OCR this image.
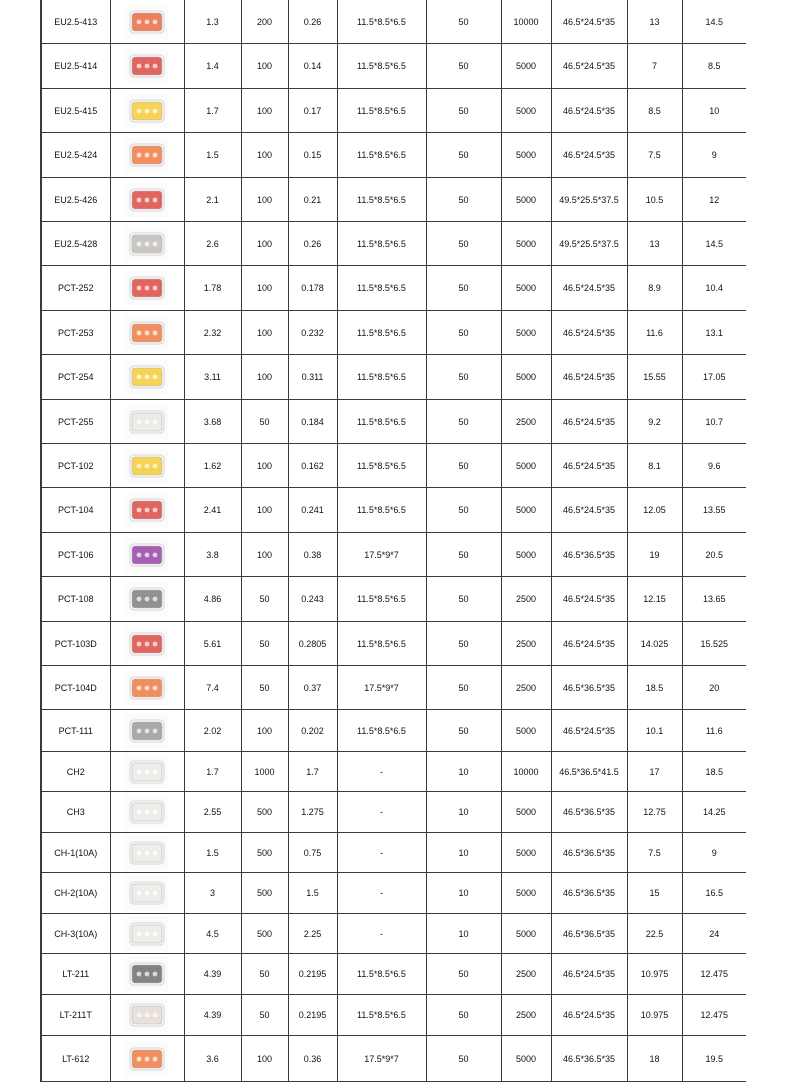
EU2.5-413		1.3	200	0.26	11.5*8.5*6.5	50	10000	46.5*24.5*35	13	14.5
EU2.5-414		1.4	100	0.14	11.5*8.5*6.5	50	5000	46.5*24.5*35	7	8.5
EU2.5-415		1.7	100	0.17	11.5*8.5*6.5	50	5000	46.5*24.5*35	8.5	10
EU2.5-424		1.5	100	0.15	11.5*8.5*6.5	50	5000	46.5*24.5*35	7.5	9
EU2.5-426		2.1	100	0.21	11.5*8.5*6.5	50	5000	49.5*25.5*37.5	10.5	12
EU2.5-428		2.6	100	0.26	11.5*8.5*6.5	50	5000	49.5*25.5*37.5	13	14.5
PCT-252		1.78	100	0.178	11.5*8.5*6.5	50	5000	46.5*24.5*35	8.9	10.4
PCT-253		2.32	100	0.232	11.5*8.5*6.5	50	5000	46.5*24.5*35	11.6	13.1
PCT-254		3.11	100	0.311	11.5*8.5*6.5	50	5000	46.5*24.5*35	15.55	17.05
PCT-255		3.68	50	0.184	11.5*8.5*6.5	50	2500	46.5*24.5*35	9.2	10.7
PCT-102		1.62	100	0.162	11.5*8.5*6.5	50	5000	46.5*24.5*35	8.1	9.6
PCT-104		2.41	100	0.241	11.5*8.5*6.5	50	5000	46.5*24.5*35	12.05	13.55
PCT-106		3.8	100	0.38	17.5*9*7	50	5000	46.5*36.5*35	19	20.5
PCT-108		4.86	50	0.243	11.5*8.5*6.5	50	2500	46.5*24.5*35	12.15	13.65
PCT-103D		5.61	50	0.2805	11.5*8.5*6.5	50	2500	46.5*24.5*35	14.025	15.525
PCT-104D		7.4	50	0.37	17.5*9*7	50	2500	46.5*36.5*35	18.5	20
PCT-111		2.02	100	0.202	11.5*8.5*6.5	50	5000	46.5*24.5*35	10.1	11.6
CH2		1.7	1000	1.7	-	10	10000	46.5*36.5*41.5	17	18.5
CH3		2.55	500	1.275	-	10	5000	46.5*36.5*35	12.75	14.25
CH-1(10A)		1.5	500	0.75	-	10	5000	46.5*36.5*35	7.5	9
CH-2(10A)		3	500	1.5	-	10	5000	46.5*36.5*35	15	16.5
CH-3(10A)		4.5	500	2.25	-	10	5000	46.5*36.5*35	22.5	24
LT-211		4.39	50	0.2195	11.5*8.5*6.5	50	2500	46.5*24.5*35	10.975	12.475
LT-211T		4.39	50	0.2195	11.5*8.5*6.5	50	2500	46.5*24.5*35	10.975	12.475
LT-612		3.6	100	0.36	17.5*9*7	50	5000	46.5*36.5*35	18	19.5
